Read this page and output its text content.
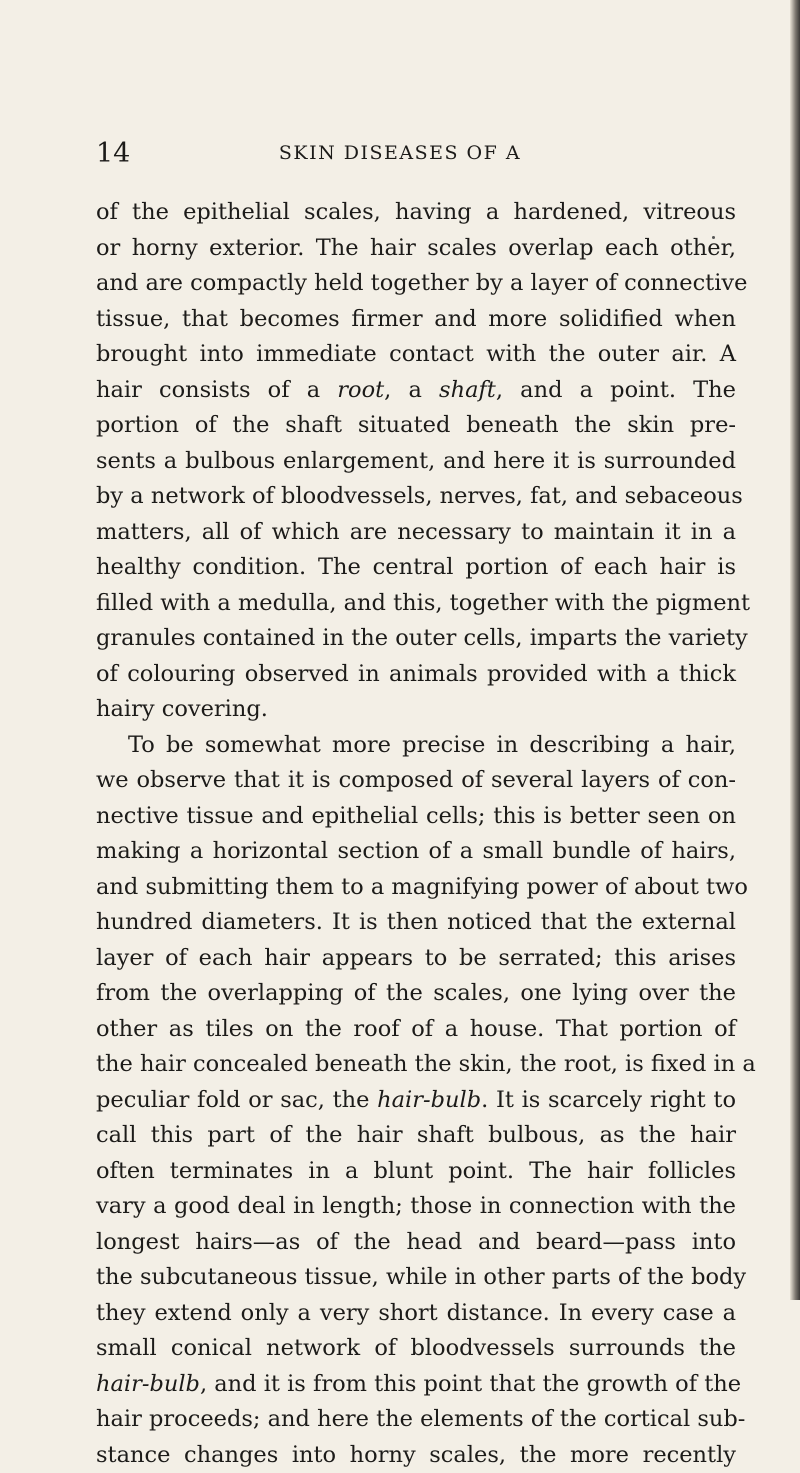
14	SKIN DISEASES OF A
of the epithelial scales, having a hardened, vitreous
or horny exterior. The hair scales overlap each other,
and are compactly held together by a layer of connective
tissue, that becomes firmer and more solidified when
brought into immediate contact with the outer air. A
hair consists of a root, a shaft, and a point. The
portion of the shaft situated beneath the skin pre-
sents a bulbous enlargement, and here it is surrounded
by a network of bloodvessels, nerves, fat, and sebaceous
matters, all of which are necessary to maintain it in a
healthy condition. The central portion of each hair is
filled with a medulla, and this, together with the pigment
granules contained in the outer cells, imparts the variety
of colouring observed in animals provided with a thick
hairy covering.
To be somewhat more precise in describing a hair,
we observe that it is composed of several layers of con-
nective tissue and epithelial cells; this is better seen on
making a horizontal section of a small bundle of hairs,
and submitting them to a magnifying power of about two
hundred diameters. It is then noticed that the external
layer of each hair appears to be serrated; this arises
from the overlapping of the scales, one lying over the
other as tiles on the roof of a house. That portion of
the hair concealed beneath the skin, the root, is fixed in a
peculiar fold or sac, the hair-bulb. It is scarcely right to
call this part of the hair shaft bulbous, as the hair
often terminates in a blunt point. The hair follicles
vary a good deal in length; those in connection with the
longest hairs—as of the head and beard—pass into
the subcutaneous tissue, while in other parts of the body
they extend only a very short distance. In every case a
small conical network of bloodvessels surrounds the
hair-bulb, and it is from this point that the growth of the
hair proceeds; and here the elements of the cortical sub-
stance changes into horny scales, the more recently
